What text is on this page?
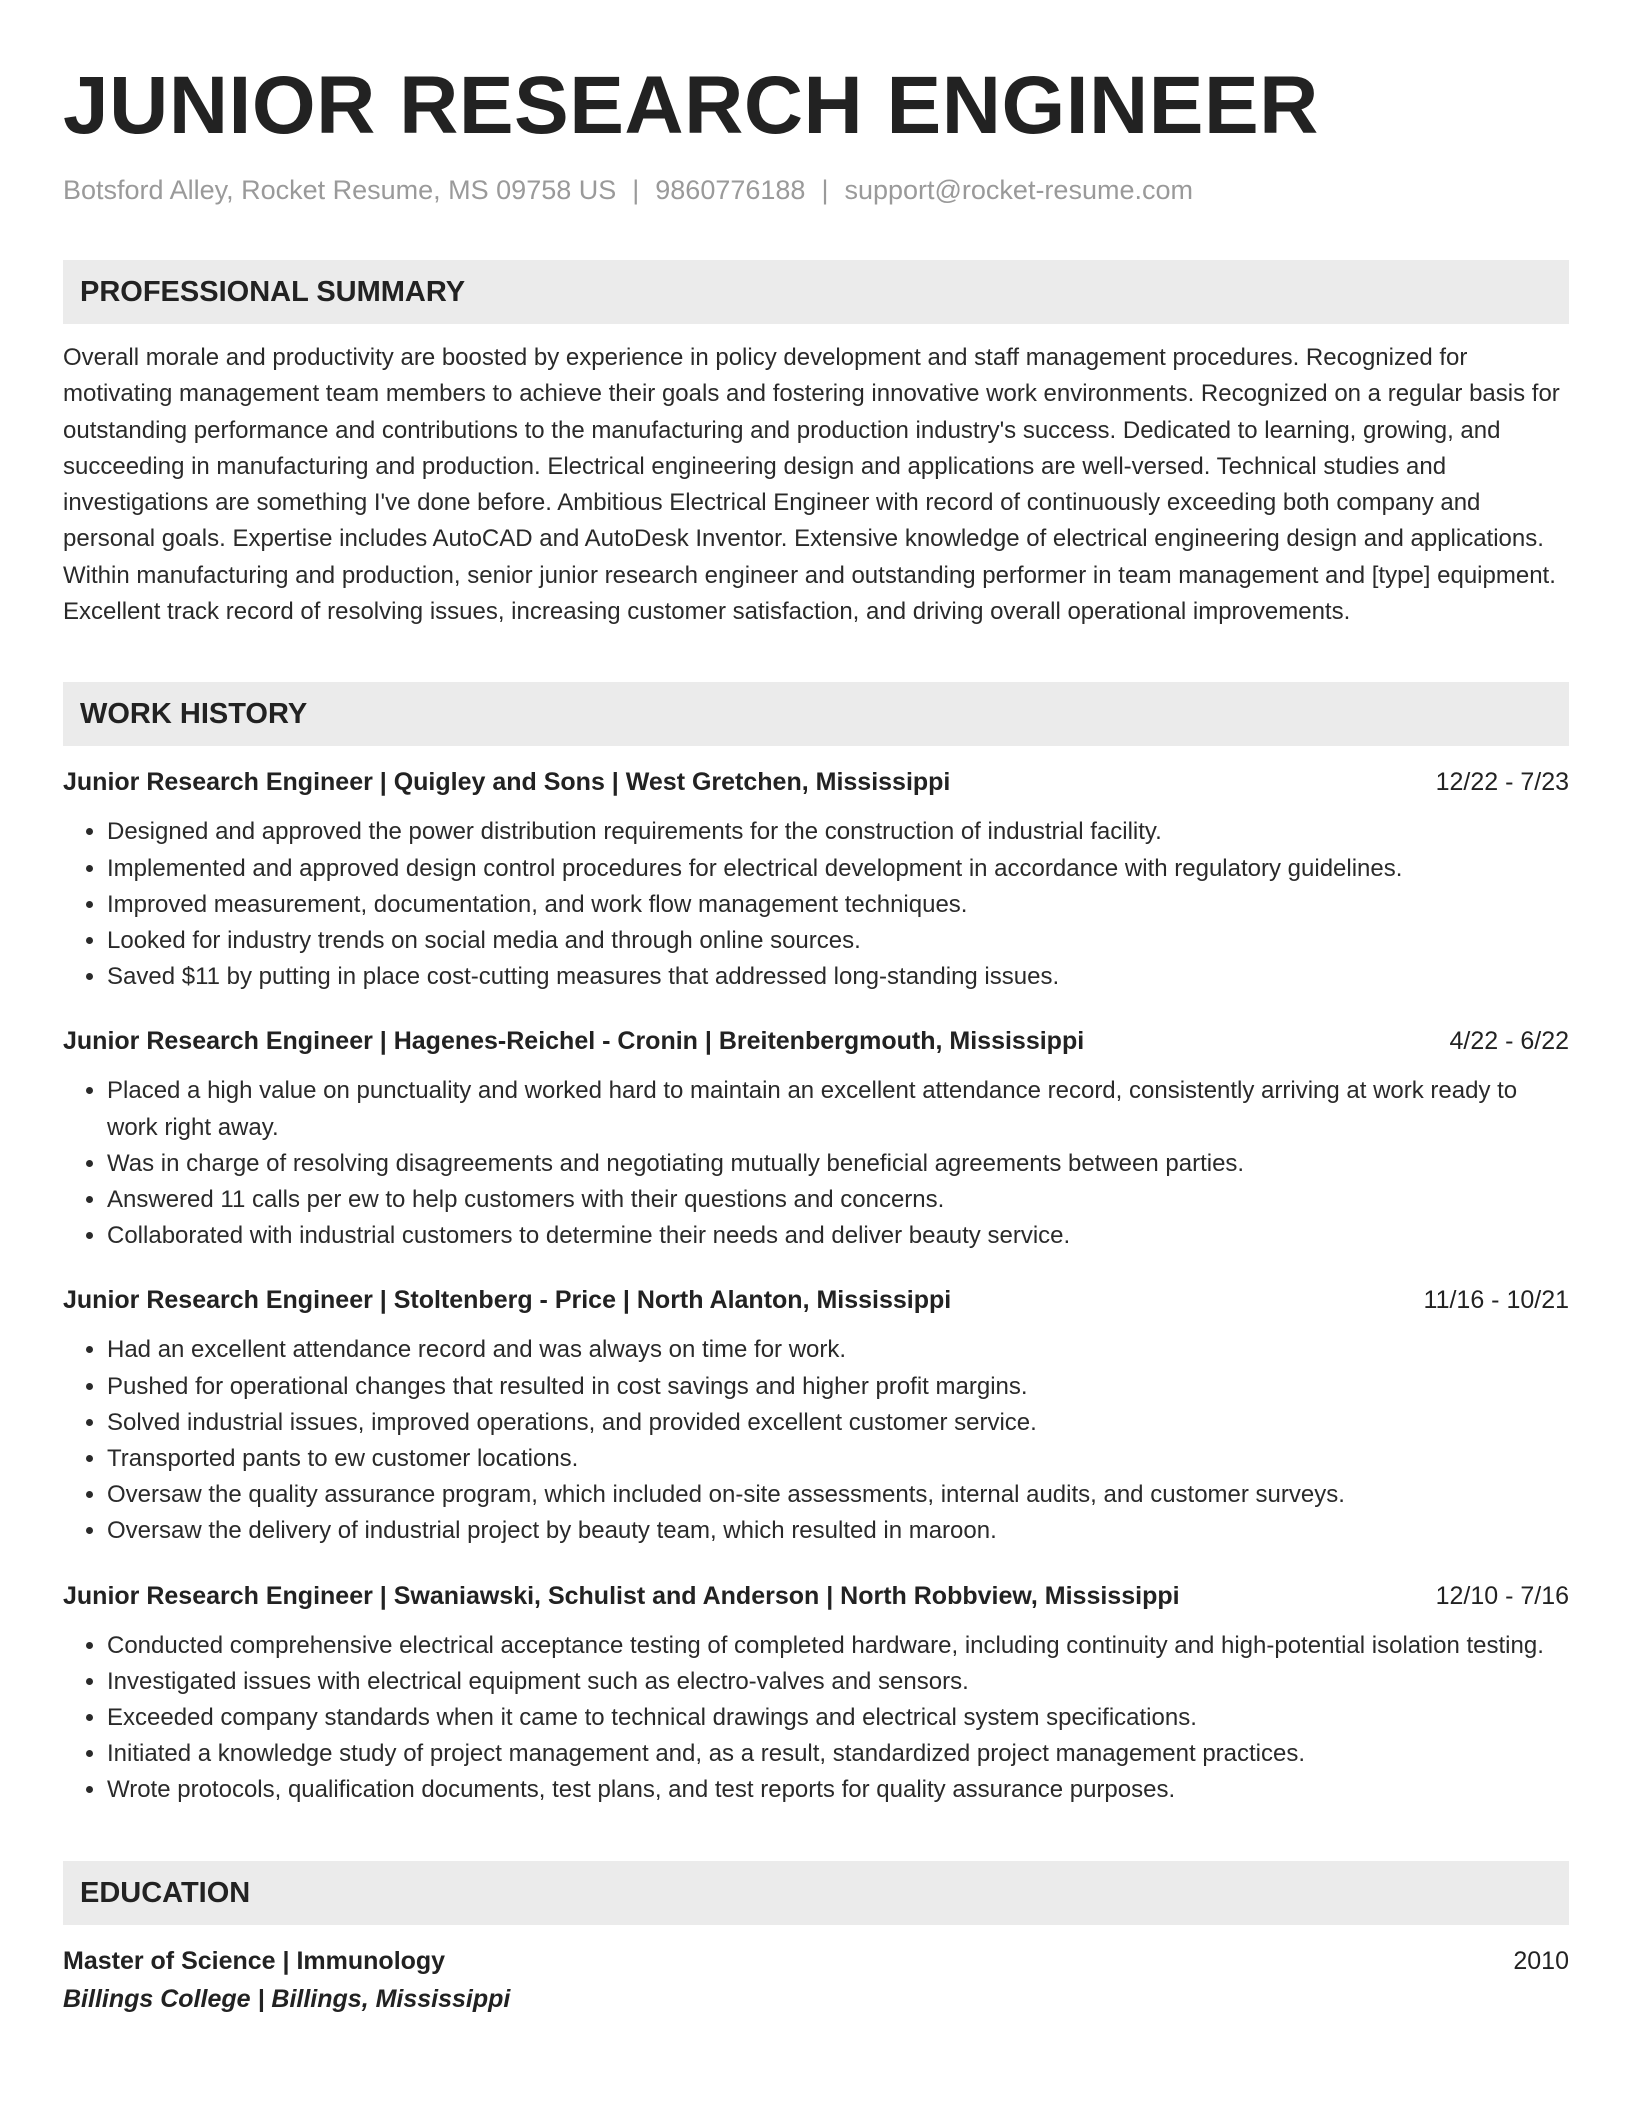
JUNIOR RESEARCH ENGINEER
Botsford Alley, Rocket Resume, MS 09758 US | 9860776188 | support@rocket-resume.com
PROFESSIONAL SUMMARY
Overall morale and productivity are boosted by experience in policy development and staff management procedures. Recognized for motivating management team members to achieve their goals and fostering innovative work environments. Recognized on a regular basis for outstanding performance and contributions to the manufacturing and production industry's success. Dedicated to learning, growing, and succeeding in manufacturing and production. Electrical engineering design and applications are well-versed. Technical studies and investigations are something I've done before. Ambitious Electrical Engineer with record of continuously exceeding both company and personal goals. Expertise includes AutoCAD and AutoDesk Inventor. Extensive knowledge of electrical engineering design and applications. Within manufacturing and production, senior junior research engineer and outstanding performer in team management and [type] equipment. Excellent track record of resolving issues, increasing customer satisfaction, and driving overall operational improvements.
WORK HISTORY
Junior Research Engineer | Quigley and Sons | West Gretchen, Mississippi	12/22 - 7/23
• Designed and approved the power distribution requirements for the construction of industrial facility.
• Implemented and approved design control procedures for electrical development in accordance with regulatory guidelines.
• Improved measurement, documentation, and work flow management techniques.
• Looked for industry trends on social media and through online sources.
• Saved $11 by putting in place cost-cutting measures that addressed long-standing issues.
Junior Research Engineer | Hagenes-Reichel - Cronin | Breitenbergmouth, Mississippi	4/22 - 6/22
• Placed a high value on punctuality and worked hard to maintain an excellent attendance record, consistently arriving at work ready to work right away.
• Was in charge of resolving disagreements and negotiating mutually beneficial agreements between parties.
• Answered 11 calls per ew to help customers with their questions and concerns.
• Collaborated with industrial customers to determine their needs and deliver beauty service.
Junior Research Engineer | Stoltenberg - Price | North Alanton, Mississippi	11/16 - 10/21
• Had an excellent attendance record and was always on time for work.
• Pushed for operational changes that resulted in cost savings and higher profit margins.
• Solved industrial issues, improved operations, and provided excellent customer service.
• Transported pants to ew customer locations.
• Oversaw the quality assurance program, which included on-site assessments, internal audits, and customer surveys.
• Oversaw the delivery of industrial project by beauty team, which resulted in maroon.
Junior Research Engineer | Swaniawski, Schulist and Anderson | North Robbview, Mississippi	12/10 - 7/16
• Conducted comprehensive electrical acceptance testing of completed hardware, including continuity and high-potential isolation testing.
• Investigated issues with electrical equipment such as electro-valves and sensors.
• Exceeded company standards when it came to technical drawings and electrical system specifications.
• Initiated a knowledge study of project management and, as a result, standardized project management practices.
• Wrote protocols, qualification documents, test plans, and test reports for quality assurance purposes.
EDUCATION
Master of Science | Immunology	2010
Billings College | Billings, Mississippi
